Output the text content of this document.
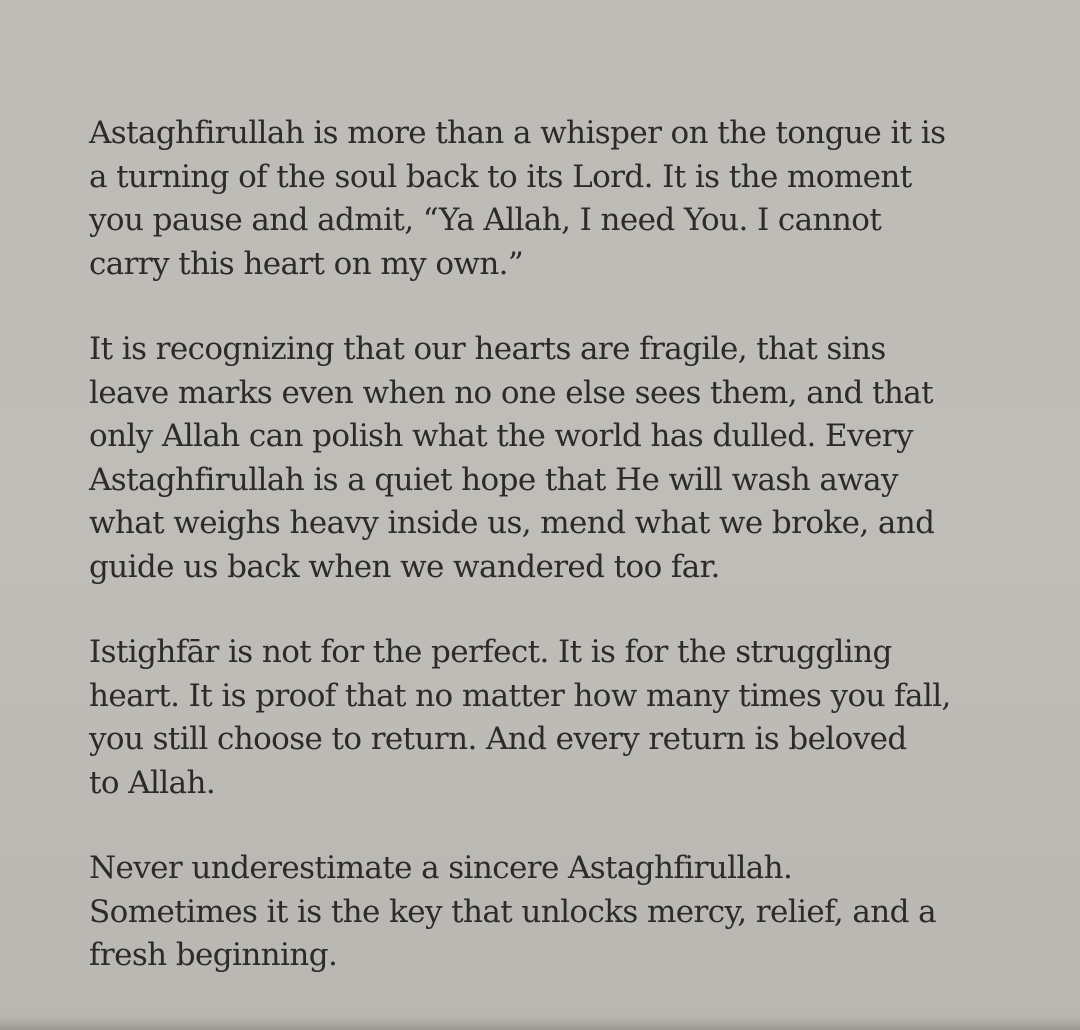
Astaghfirullah is more than a whisper on the tongue it is
a turning of the soul back to its Lord. It is the moment
you pause and admit, “Ya Allah, I need You. I cannot
carry this heart on my own.”

It is recognizing that our hearts are fragile, that sins
leave marks even when no one else sees them, and that
only Allah can polish what the world has dulled. Every
Astaghfirullah is a quiet hope that He will wash away
what weighs heavy inside us, mend what we broke, and
guide us back when we wandered too far.

Istighfār is not for the perfect. It is for the struggling
heart. It is proof that no matter how many times you fall,
you still choose to return. And every return is beloved
to Allah.

Never underestimate a sincere Astaghfirullah.
Sometimes it is the key that unlocks mercy, relief, and a
fresh beginning.
